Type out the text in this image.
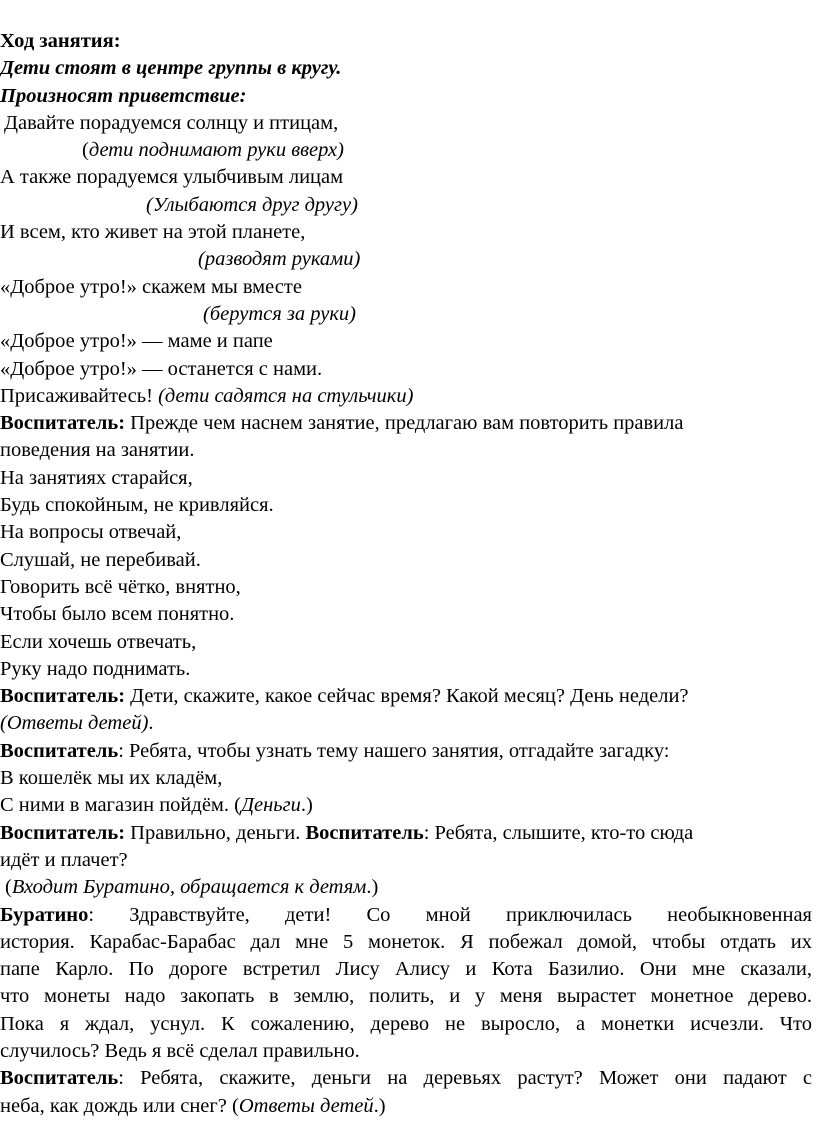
Ход занятия:
Дети стоят в центре группы в кругу.
Произносят приветствие:
Давайте порадуемся солнцу и птицам,
(дети поднимают руки вверх)
А также порадуемся улыбчивым лицам
(Улыбаются друг другу)
И всем, кто живет на этой планете,
(разводят руками)
«Доброе утро!» скажем мы вместе
(берутся за руки)
«Доброе утро!» — маме и папе
«Доброе утро!» — останется с нами.
Присаживайтесь! (дети садятся на стульчики)
Воспитатель: Прежде чем наснем занятие, предлагаю вам повторить правила
поведения на занятии.
На занятиях старайся,
Будь спокойным, не кривляйся.
На вопросы отвечай,
Слушай, не перебивай.
Говорить всё чётко, внятно,
Чтобы было всем понятно.
Если хочешь отвечать,
Руку надо поднимать.
Воспитатель: Дети, скажите, какое сейчас время? Какой месяц? День недели?
(Ответы детей).
Воспитатель: Ребята, чтобы узнать тему нашего занятия, отгадайте загадку:
В кошелёк мы их кладём,
С ними в магазин пойдём. (Деньги.)
Воспитатель: Правильно, деньги. Воспитатель: Ребята, слышите, кто-то сюда
идёт и плачет?
(Входит Буратино, обращается к детям.)
Буратино: Здравствуйте, дети! Со мной приключилась необыкновенная
история. Карабас-Барабас дал мне 5 монеток. Я побежал домой, чтобы отдать их
папе Карло. По дороге встретил Лису Алису и Кота Базилио. Они мне сказали,
что монеты надо закопать в землю, полить, и у меня вырастет монетное дерево.
Пока я ждал, уснул. К сожалению, дерево не выросло, а монетки исчезли. Что
случилось? Ведь я всё сделал правильно.
Воспитатель: Ребята, скажите, деньги на деревьях растут? Может они падают с
неба, как дождь или снег? (Ответы детей.)
